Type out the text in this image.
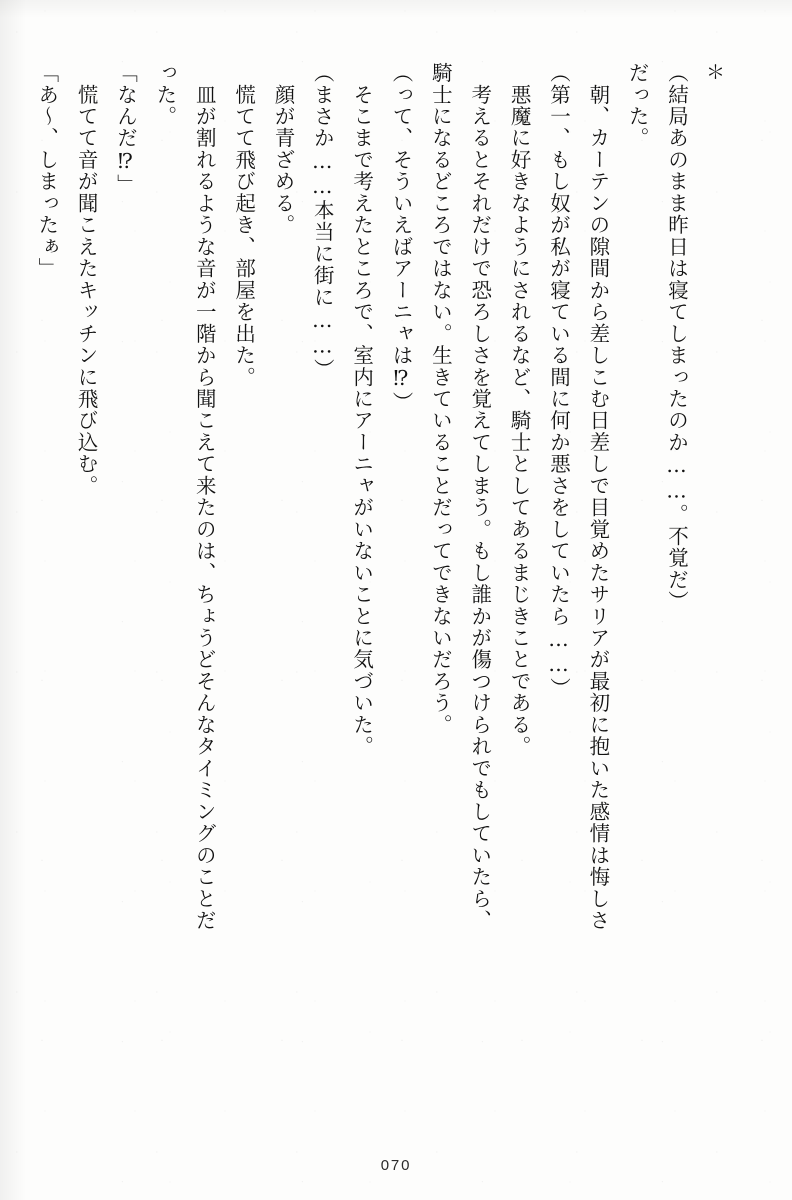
＊

（結局あのまま昨日は寝てしまったのか……。不覚だ）

だった。

　朝、カーテンの隙間から差しこむ日差しで目覚めたサリアが最初に抱いた感情は悔しさ

（第一、もし奴が私が寝ている間に何か悪さをしていたら……）

　悪魔に好きなようにされるなど、騎士としてあるまじきことである。

　考えるとそれだけで恐ろしさを覚えてしまう。もし誰かが傷つけられでもしていたら、

騎士になるどころではない。生きていることだってできないだろう。

（って、そういえばアーニャは⁉）

　そこまで考えたところで、室内にアーニャがいないことに気づいた。

（まさか……本当に街に……）

　顔が青ざめる。

　慌てて飛び起き、部屋を出た。

　皿が割れるような音が一階から聞こえて来たのは、ちょうどそんなタイミングのことだ

った。

「なんだ⁉」

　慌てて音が聞こえたキッチンに飛び込む。

「あ〜、しまったぁ」

070
